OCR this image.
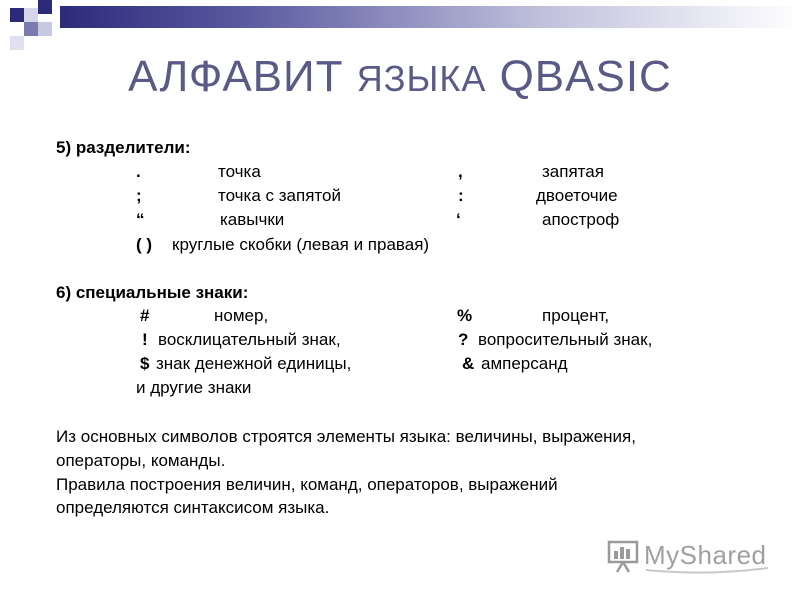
АЛФАВИТ ЯЗЫКА QBASIC
5) разделители:
.	точка	,	запятая
;	точка с запятой	:	двоеточие
“	кавычки	‘	апостроф
( ) круглые скобки (левая и правая)
6) специальные знаки:
#	номер,	%	процент,
! восклицательный знак,	? вопросительный знак,
$ знак денежной единицы,	& амперсанд
и другие знаки
Из основных символов строятся элементы языка: величины, выражения,
операторы, команды.
Правила построения величин, команд, операторов, выражений
определяются синтаксисом языка.
MyShared
